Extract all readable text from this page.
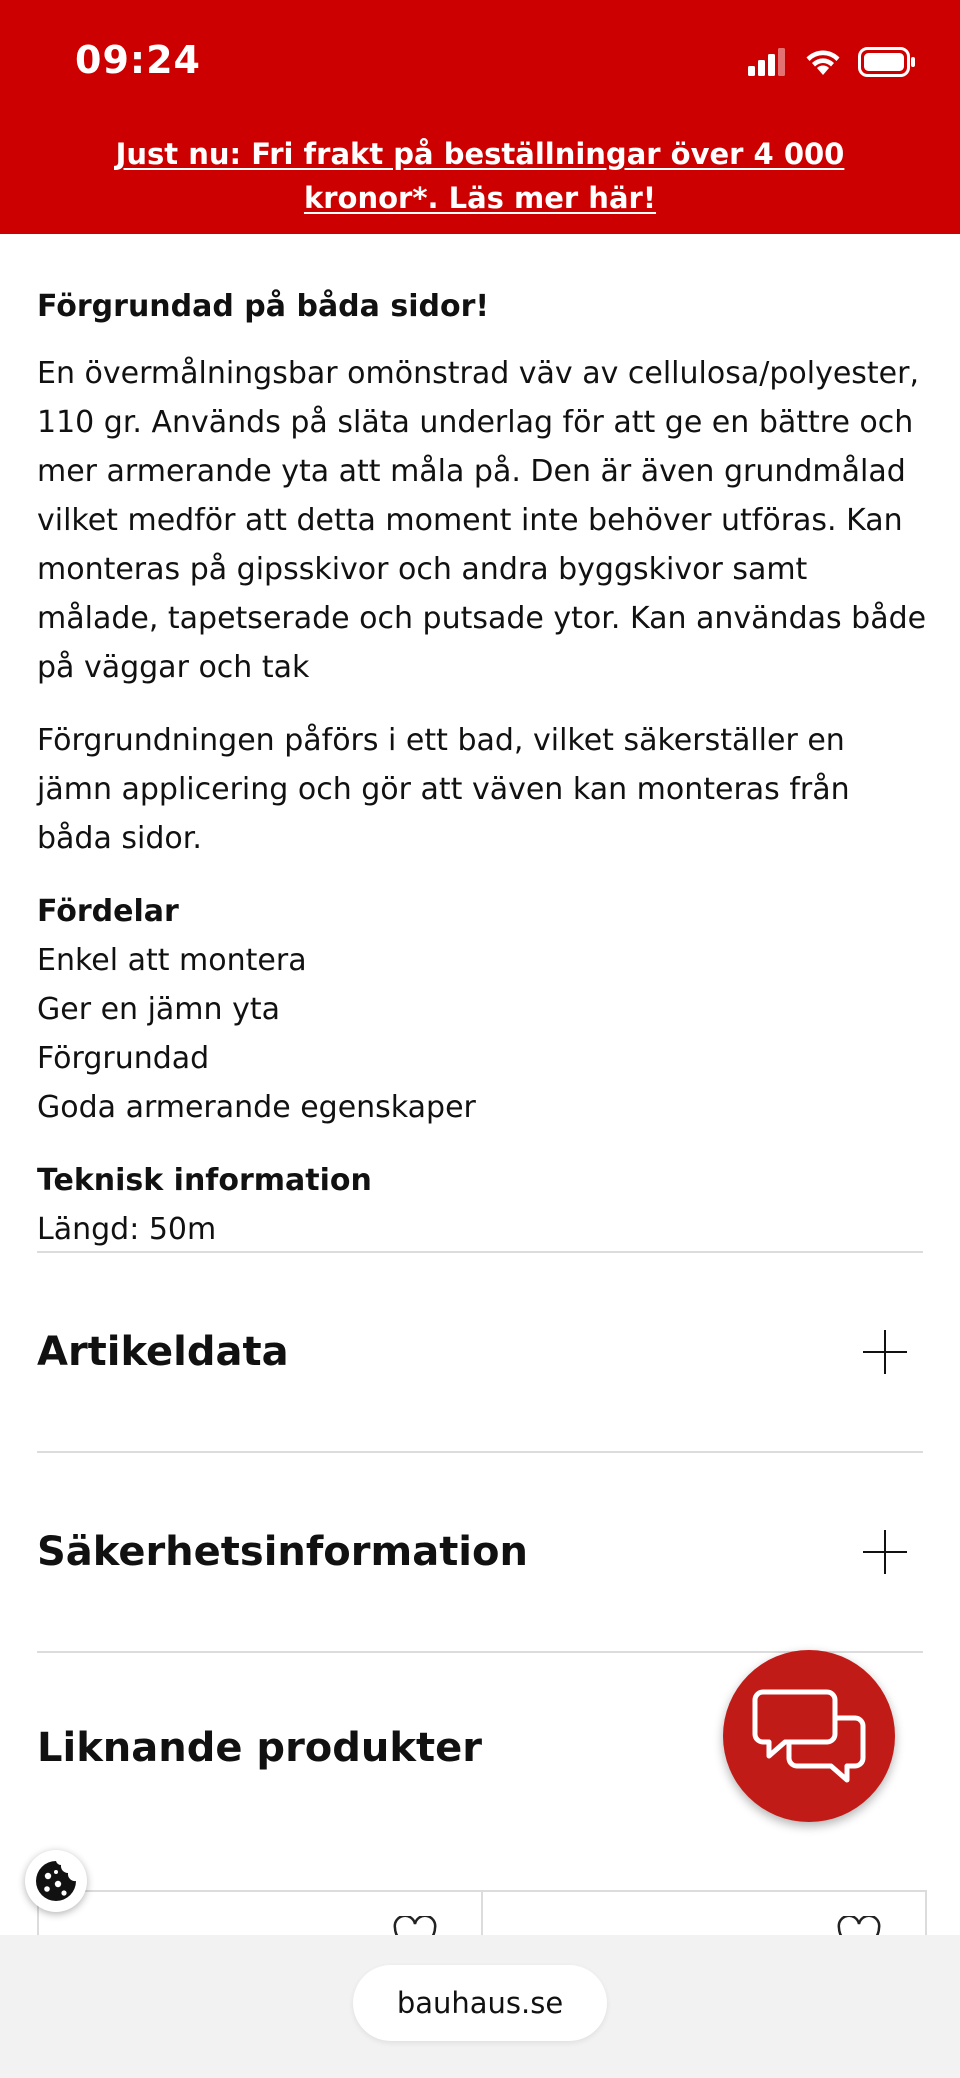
09:24
Just nu: Fri frakt på beställningar över 4 000 kronor*. Läs mer här!

Förgrundad på båda sidor!

En övermålningsbar omönstrad väv av cellulosa/polyester, 110 gr. Används på släta underlag för att ge en bättre och mer armerande yta att måla på. Den är även grundmålad vilket medför att detta moment inte behöver utföras. Kan monteras på gipsskivor och andra byggskivor samt målade, tapetserade och putsade ytor. Kan användas både på väggar och tak

Förgrundningen påförs i ett bad, vilket säkerställer en jämn applicering och gör att väven kan monteras från båda sidor.

Fördelar

Enkel att montera
Ger en jämn yta
Förgrundad
Goda armerande egenskaper

Teknisk information

Längd: 50m

Artikeldata
Säkerhetsinformation
Liknande produkter
bauhaus.se
